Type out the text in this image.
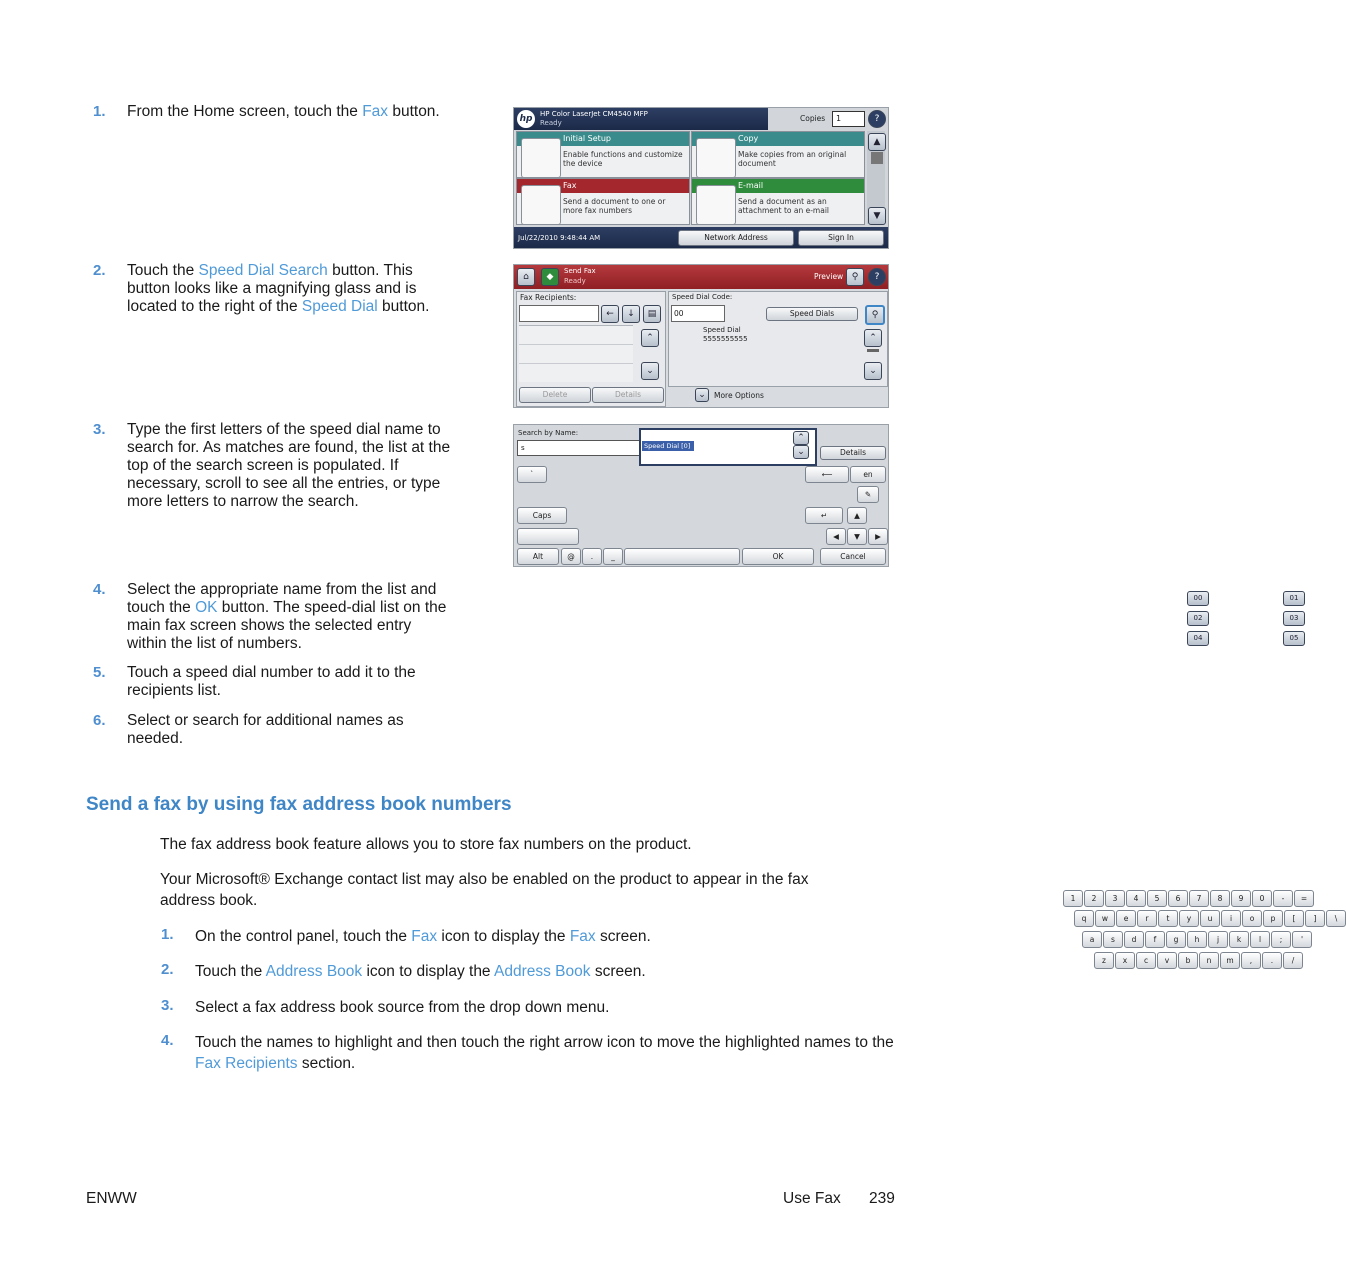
1. From the Home screen, touch the Fax button.
2. Touch the Speed Dial Search button. This button looks like a magnifying glass and is located to the right of the Speed Dial button.
3. Type the first letters of the speed dial name to search for. As matches are found, the list at the top of the search screen is populated. If necessary, scroll to see all the entries, or type more letters to narrow the search.
4. Select the appropriate name from the list and touch the OK button. The speed-dial list on the main fax screen shows the selected entry within the list of numbers.
5. Touch a speed dial number to add it to the recipients list.
6. Select or search for additional names as needed.
hp	HP Color LaserJet CM4540 MFP
Ready	Copies	1	?
Initial Setup
Enable functions and customize the device
Copy
Make copies from an original document
Fax
Send a document to one or more fax numbers
E-mail
Send a document as an attachment to an e-mail
▲
▼
Jul/22/2010 9:48:44 AM	Network Address	Sign In
⌂	◆
Send Fax
Ready	Preview ⚲	?
Fax Recipients:
←	↓	▤
⌃
⌄
Delete	Details
Speed Dial Code:
00	Speed Dials	⚲
Speed Dial
5555555555
00
02
04
01
03
05
⌃
⌄
⌄	More Options
Search by Name:
s	Speed Dial [0]
⌃
⌄	Details
`
1	2	3	4	5	6	7	8	9	0	-	=
⟵	en
q	w	e	r	t	y	u	i	o	p	[	]	\
✎
Caps
a	s	d	f	g	h	j	k	l	;	'
↵	▲
z	x	c	v	b	n	m	,	.	/
◀	▼	▶
Alt	@	.	_	OK	Cancel
Send a fax by using fax address book numbers
The fax address book feature allows you to store fax numbers on the product.
Your Microsoft® Exchange contact list may also be enabled on the product to appear in the fax address book.
1. On the control panel, touch the Fax icon to display the Fax screen.
2. Touch the Address Book icon to display the Address Book screen.
3. Select a fax address book source from the drop down menu.
4. Touch the names to highlight and then touch the right arrow icon to move the highlighted names to the Fax Recipients section.
ENWW	Use Fax 239
